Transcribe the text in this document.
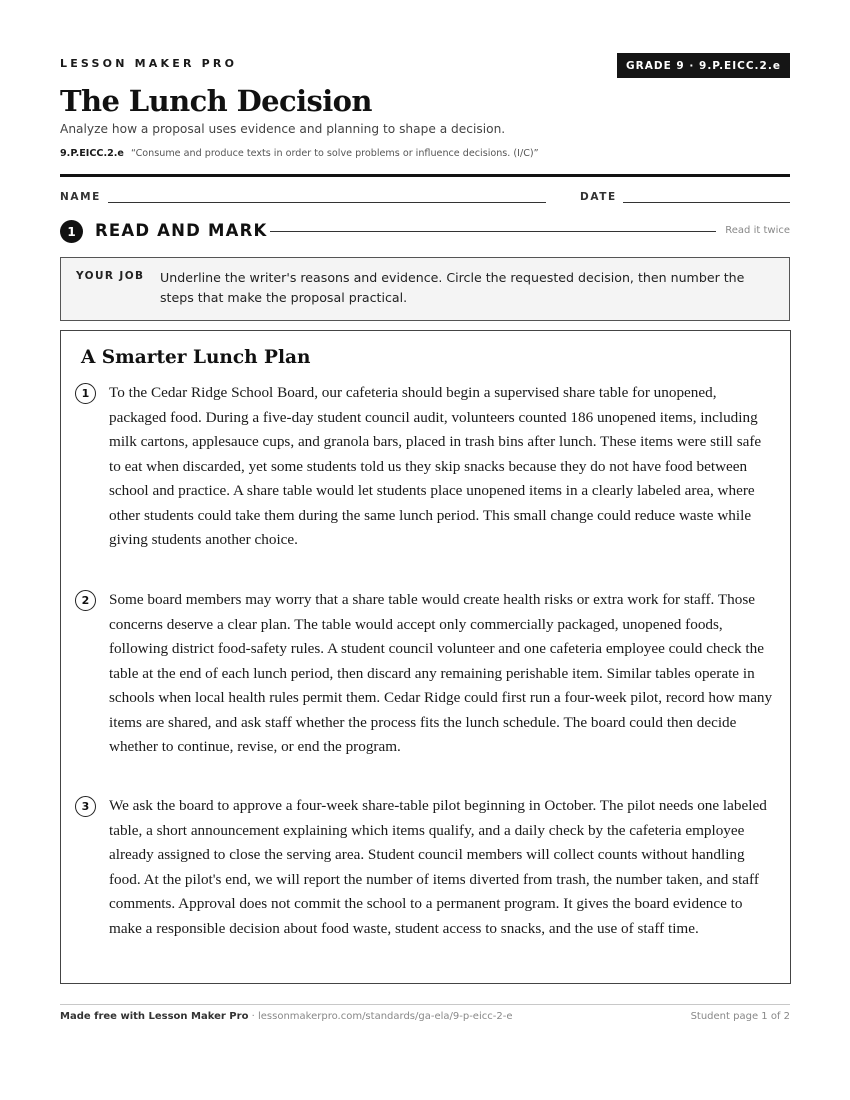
LESSON MAKER PRO	GRADE 9 · 9.P.EICC.2.e
The Lunch Decision
Analyze how a proposal uses evidence and planning to shape a decision.
9.P.EICC.2.e “Consume and produce texts in order to solve problems or influence decisions. (I/C)”
NAME	DATE
1	READ AND MARK	Read it twice
YOUR JOB Underline the writer's reasons and evidence. Circle the requested decision, then number the steps that make the proposal practical.
A Smarter Lunch Plan
1	To the Cedar Ridge School Board, our cafeteria should begin a supervised share table for unopened, packaged food. During a five-day student council audit, volunteers counted 186 unopened items, including milk cartons, applesauce cups, and granola bars, placed in trash bins after lunch. These items were still safe to eat when discarded, yet some students told us they skip snacks because they do not have food between school and practice. A share table would let students place unopened items in a clearly labeled area, where other students could take them during the same lunch period. This small change could reduce waste while giving students another choice.
2	Some board members may worry that a share table would create health risks or extra work for staff. Those concerns deserve a clear plan. The table would accept only commercially packaged, unopened foods, following district food-safety rules. A student council volunteer and one cafeteria employee could check the table at the end of each lunch period, then discard any remaining perishable item. Similar tables operate in schools when local health rules permit them. Cedar Ridge could first run a four-week pilot, record how many items are shared, and ask staff whether the process fits the lunch schedule. The board could then decide whether to continue, revise, or end the program.
3	We ask the board to approve a four-week share-table pilot beginning in October. The pilot needs one labeled table, a short announcement explaining which items qualify, and a daily check by the cafeteria employee already assigned to close the serving area. Student council members will collect counts without handling food. At the pilot's end, we will report the number of items diverted from trash, the number taken, and staff comments. Approval does not commit the school to a permanent program. It gives the board evidence to make a responsible decision about food waste, student access to snacks, and the use of staff time.
Made free with Lesson Maker Pro · lessonmakerpro.com/standards/ga-ela/9-p-eicc-2-e	Student page 1 of 2
